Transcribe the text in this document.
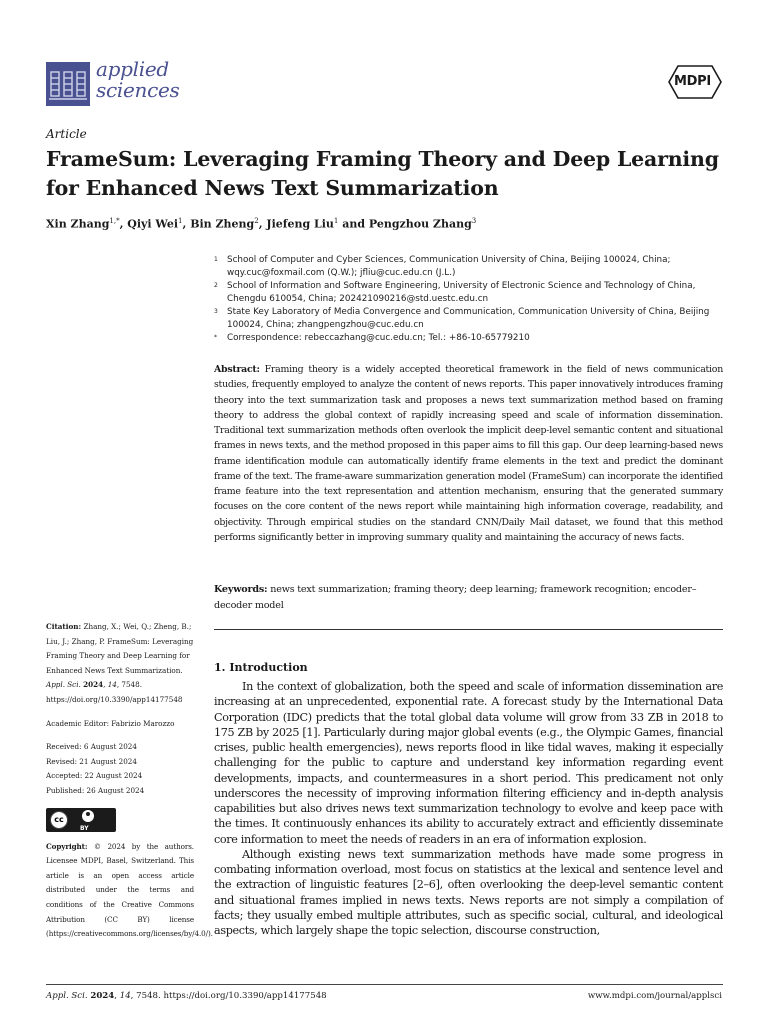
applied
sciences	MDPI
Article
FrameSum: Leveraging Framing Theory and Deep Learning for Enhanced News Text Summarization
Xin Zhang$^{1,*}$, Qiyi Wei$^1$, Bin Zheng$^2$, Jiefeng Liu$^1$ and Pengzhou Zhang$^3$
1 School of Computer and Cyber Sciences, Communication University of China, Beijing 100024, China; wqy.cuc@foxmail.com (Q.W.); jfliu@cuc.edu.cn (J.L.)
2 School of Information and Software Engineering, University of Electronic Science and Technology of China, Chengdu 610054, China; 202421090216@std.uestc.edu.cn
3 State Key Laboratory of Media Convergence and Communication, Communication University of China, Beijing 100024, China; zhangpengzhou@cuc.edu.cn
* Correspondence: rebeccazhang@cuc.edu.cn; Tel.: +86-10-65779210
Abstract: Framing theory is a widely accepted theoretical framework in the field of news communication studies, frequently employed to analyze the content of news reports. This paper innovatively introduces framing theory into the text summarization task and proposes a news text summarization method based on framing theory to address the global context of rapidly increasing speed and scale of information dissemination. Traditional text summarization methods often overlook the implicit deep-level semantic content and situational frames in news texts, and the method proposed in this paper aims to fill this gap. Our deep learning-based news frame identification module can automatically identify frame elements in the text and predict the dominant frame of the text. The frame-aware summarization generation model (FrameSum) can incorporate the identified frame feature into the text representation and attention mechanism, ensuring that the generated summary focuses on the core content of the news report while maintaining high information coverage, readability, and objectivity. Through empirical studies on the standard CNN/Daily Mail dataset, we found that this method performs significantly better in improving summary quality and maintaining the accuracy of news facts.
Keywords: news text summarization; framing theory; deep learning; framework recognition; encoder–decoder model
Citation: Zhang, X.; Wei, Q.; Zheng, B.; Liu, J.; Zhang, P. FrameSum: Leveraging Framing Theory and Deep Learning for Enhanced News Text Summarization. Appl. Sci. 2024, 14, 7548. https://doi.org/10.3390/app14177548
Academic Editor: Fabrizio Marozzo
Received: 6 August 2024
Revised: 21 August 2024
Accepted: 22 August 2024
Published: 26 August 2024
cc
BY
Copyright: © 2024 by the authors. Licensee MDPI, Basel, Switzerland. This article is an open access article distributed under the terms and conditions of the Creative Commons Attribution (CC BY) license (https://creativecommons.org/licenses/by/4.0/).
1. Introduction

In the context of globalization, both the speed and scale of information dissemination are increasing at an unprecedented, exponential rate. A forecast study by the International Data Corporation (IDC) predicts that the total global data volume will grow from 33 ZB in 2018 to 175 ZB by 2025 [1]. Particularly during major global events (e.g., the Olympic Games, financial crises, public health emergencies), news reports flood in like tidal waves, making it especially challenging for the public to capture and understand key information regarding event developments, impacts, and countermeasures in a short period. This predicament not only underscores the necessity of improving information filtering efficiency and in-depth analysis capabilities but also drives news text summarization technology to evolve and keep pace with the times. It continuously enhances its ability to accurately extract and efficiently disseminate core information to meet the needs of readers in an era of information explosion.

Although existing news text summarization methods have made some progress in combating information overload, most focus on statistics at the lexical and sentence level and the extraction of linguistic features [2–6], often overlooking the deep-level semantic content and situational frames implied in news texts. News reports are not simply a compilation of facts; they usually embed multiple attributes, such as specific social, cultural, and ideological aspects, which largely shape the topic selection, discourse construction,

Appl. Sci. 2024, 14, 7548. https://doi.org/10.3390/app14177548	www.mdpi.com/journal/applsci
